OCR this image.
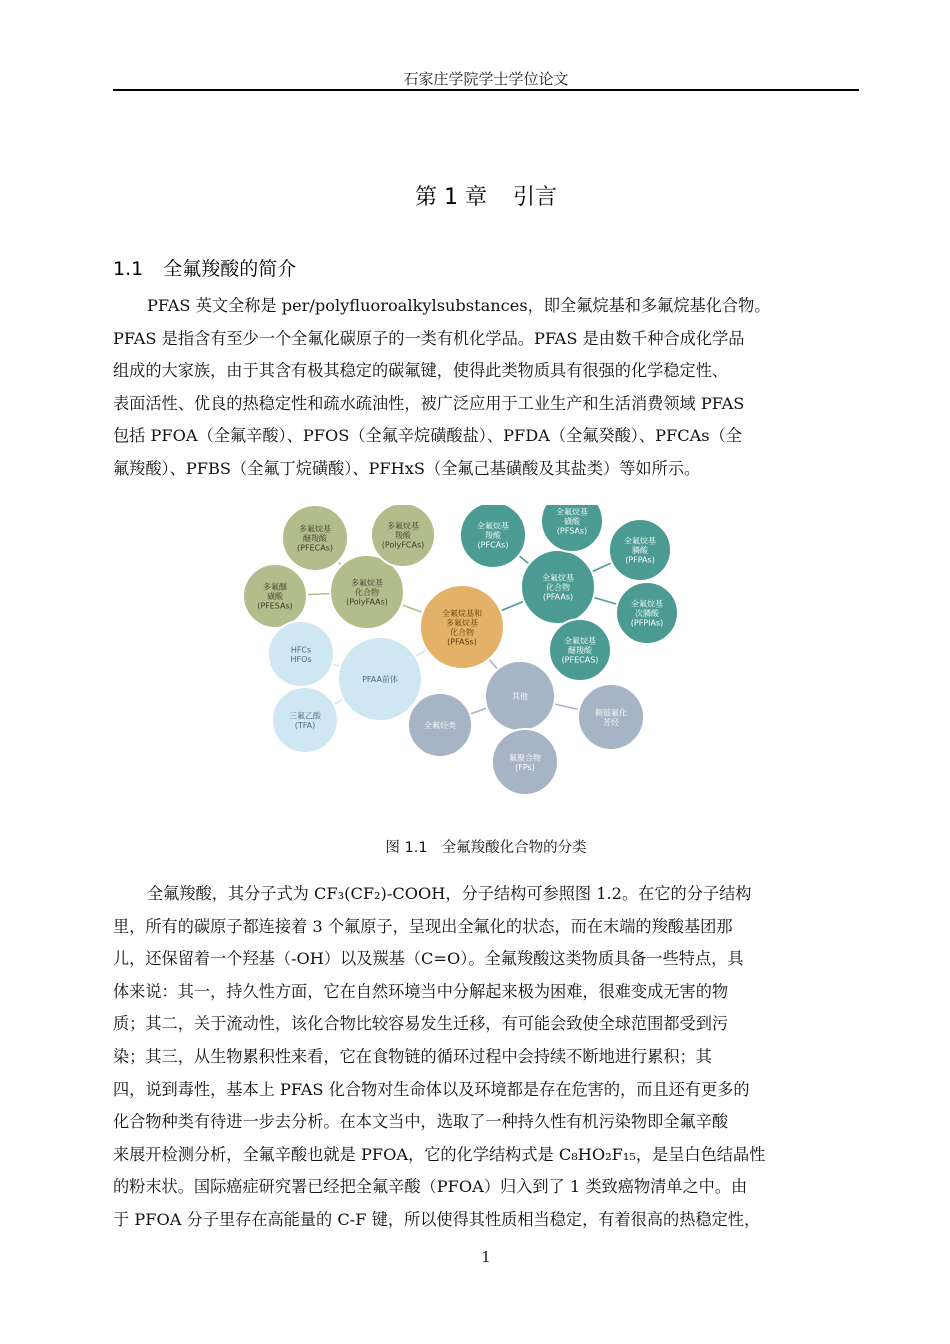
石家庄学院学士学位论文
第 1 章 引言
1.1 全氟羧酸的简介
PFAS 英文全称是 per/polyfluoroalkylsubstances，即全氟烷基和多氟烷基化合物。
PFAS 是指含有至少一个全氟化碳原子的一类有机化学品。PFAS 是由数千种合成化学品
组成的大家族，由于其含有极其稳定的碳氟键，使得此类物质具有很强的化学稳定性、
表面活性、优良的热稳定性和疏水疏油性，被广泛应用于工业生产和生活消费领域 PFAS
包括 PFOA（全氟辛酸）、PFOS（全氟辛烷磺酸盐）、PFDA（全氟癸酸）、PFCAs（全
氟羧酸）、PFBS（全氟丁烷磺酸）、PFHxS（全氟己基磺酸及其盐类）等如所示。
全氟烷基和
多氟烷基
化合物
(PFASs)
多氟烷基
化合物
(PolyFAAs)
多氟烷基
醚羧酸
(PFECAs)
多氟烷基
羧酸
(PolyFCAs)
多氟醚
磺酸
(PFESAs)
全氟烷基
化合物
(PFAAs)
全氟烷基
羧酸
(PFCAs)
全氟烷基
磺酸
(PFSAs)
全氟烷基
膦酸
(PFPAs)
全氟烷基
次膦酸
(PFPIAs)
全氟烷基
醚羧酸
(PFECAS)
PFAA前体
HFCs
HFOs
三氟乙酸
(TFA)
其他
全氟烃类
氟聚合物
(FPs)
侧链氟化
芳烃
图 1.1 全氟羧酸化合物的分类
全氟羧酸，其分子式为 CF₃(CF₂)-COOH，分子结构可参照图 1.2。在它的分子结构
里，所有的碳原子都连接着 3 个氟原子，呈现出全氟化的状态，而在末端的羧酸基团那
儿，还保留着一个羟基（-OH）以及羰基（C=O）。全氟羧酸这类物质具备一些特点，具
体来说：其一，持久性方面，它在自然环境当中分解起来极为困难，很难变成无害的物
质；其二，关于流动性，该化合物比较容易发生迁移，有可能会致使全球范围都受到污
染；其三，从生物累积性来看，它在食物链的循环过程中会持续不断地进行累积；其
四，说到毒性，基本上 PFAS 化合物对生命体以及环境都是存在危害的，而且还有更多的
化合物种类有待进一步去分析。在本文当中，选取了一种持久性有机污染物即全氟辛酸
来展开检测分析，全氟辛酸也就是 PFOA，它的化学结构式是 C₈HO₂F₁₅，是呈白色结晶性
的粉末状。国际癌症研究署已经把全氟辛酸（PFOA）归入到了 1 类致癌物清单之中。由
于 PFOA 分子里存在高能量的 C-F 键，所以使得其性质相当稳定，有着很高的热稳定性，
1
